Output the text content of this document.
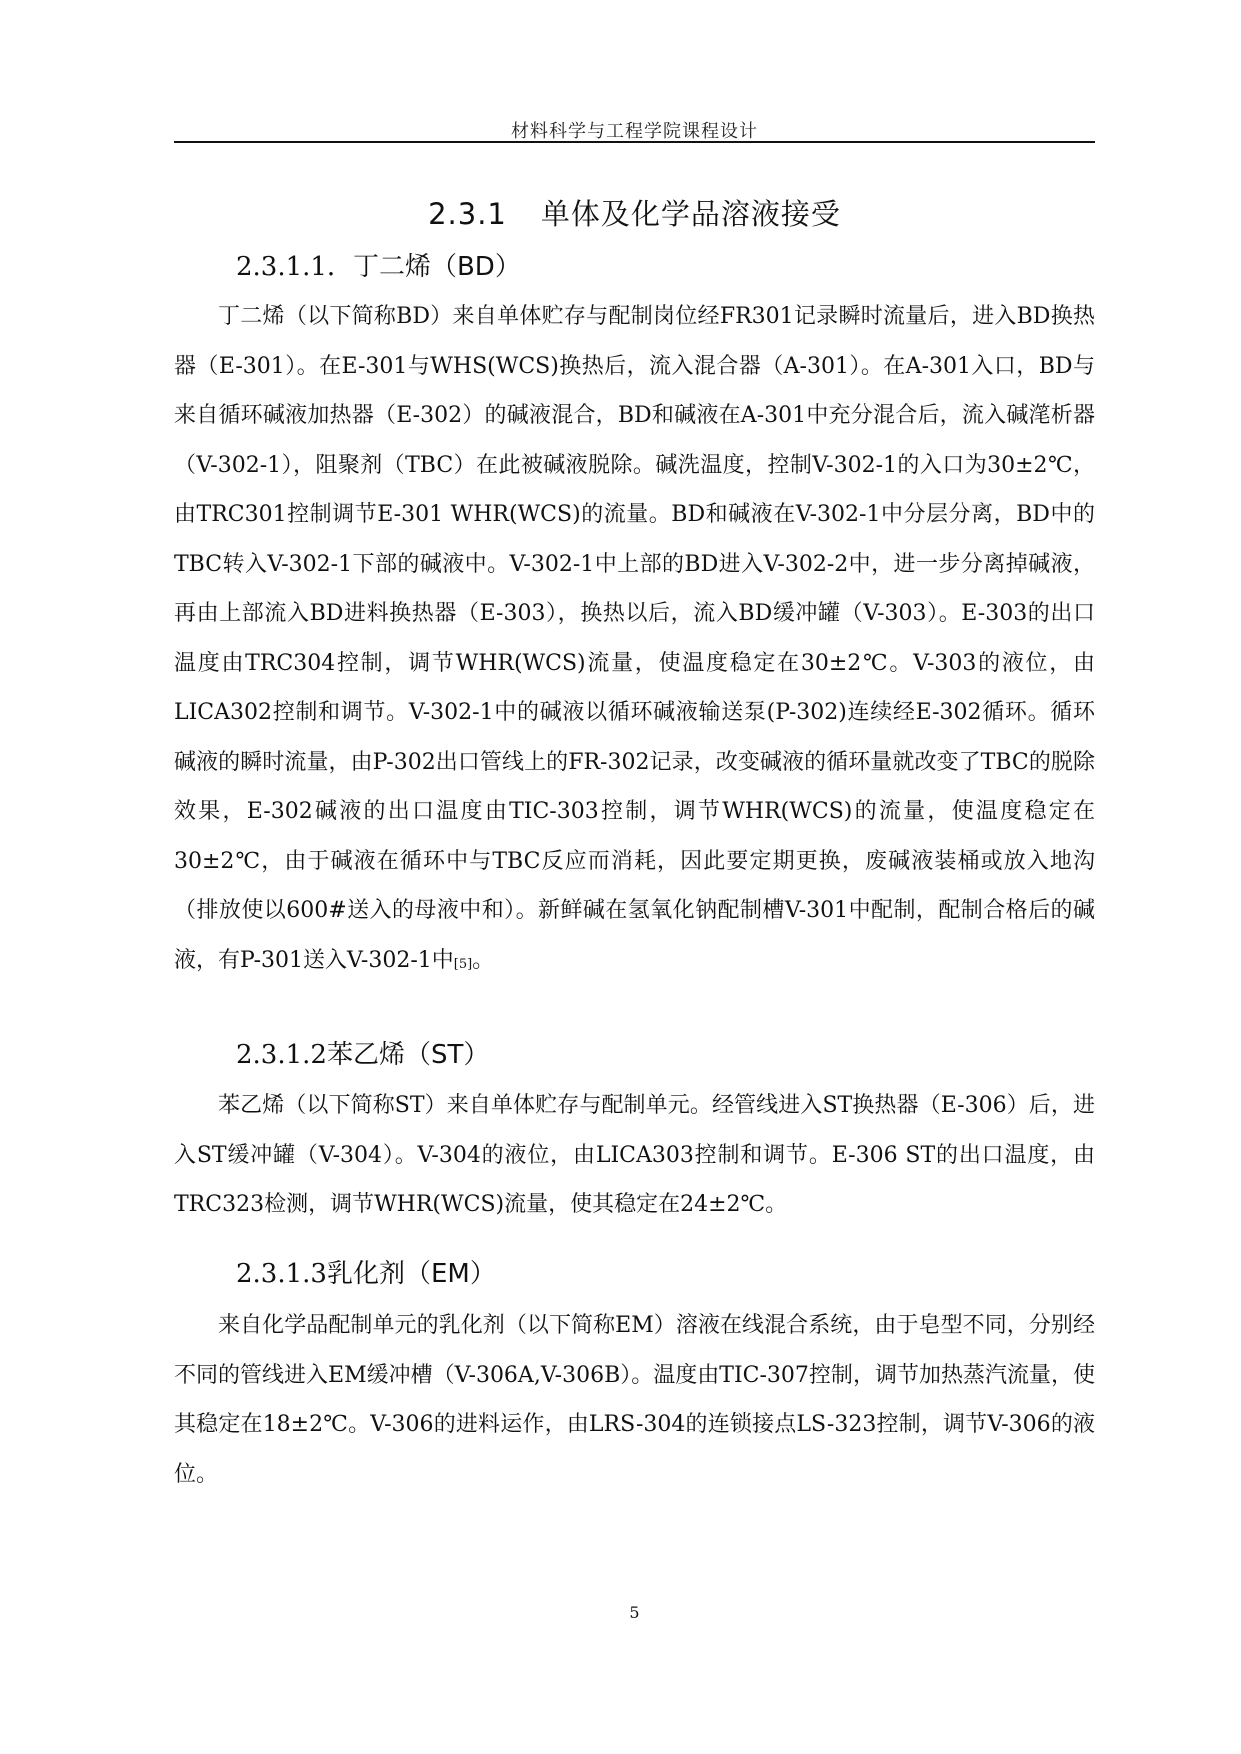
材料科学与工程学院课程设计
2.3.1 单体及化学品溶液接受
2.3.1.1．丁二烯（BD）

丁二烯（以下简称BD）来自单体贮存与配制岗位经FR301记录瞬时流量后，进入BD换热器（E-301）。在E-301与WHS(WCS)换热后，流入混合器（A-301）。在A-301入口，BD与来自循环碱液加热器（E-302）的碱液混合，BD和碱液在A-301中充分混合后，流入碱滗析器（V-302-1），阻聚剂（TBC）在此被碱液脱除。碱洗温度，控制V-302-1的入口为30±2℃，由TRC301控制调节E-301 WHR(WCS)的流量。BD和碱液在V-302-1中分层分离，BD中的TBC转入V-302-1下部的碱液中。V-302-1中上部的BD进入V-302-2中，进一步分离掉碱液，再由上部流入BD进料换热器（E-303），换热以后，流入BD缓冲罐（V-303）。E-303的出口温度由TRC304控制，调节WHR(WCS)流量，使温度稳定在30±2℃。V-303的液位，由LICA302控制和调节。V-302-1中的碱液以循环碱液输送泵(P-302)连续经E-302循环。循环碱液的瞬时流量，由P-302出口管线上的FR-302记录，改变碱液的循环量就改变了TBC的脱除效果，E-302碱液的出口温度由TIC-303控制，调节WHR(WCS)的流量，使温度稳定在30±2℃，由于碱液在循环中与TBC反应而消耗，因此要定期更换，废碱液装桶或放入地沟（排放使以600#送入的母液中和）。新鲜碱在氢氧化钠配制槽V-301中配制，配制合格后的碱液，有P-301送入V-302-1中[5]。

2.3.1.2苯乙烯（ST）

苯乙烯（以下简称ST）来自单体贮存与配制单元。经管线进入ST换热器（E-306）后，进入ST缓冲罐（V-304）。V-304的液位，由LICA303控制和调节。E-306 ST的出口温度，由TRC323检测，调节WHR(WCS)流量，使其稳定在24±2℃。

2.3.1.3乳化剂（EM）

来自化学品配制单元的乳化剂（以下简称EM）溶液在线混合系统，由于皂型不同，分别经不同的管线进入EM缓冲槽（V-306A,V-306B）。温度由TIC-307控制，调节加热蒸汽流量，使其稳定在18±2℃。V-306的进料运作，由LRS-304的连锁接点LS-323控制，调节V-306的液位。

5
